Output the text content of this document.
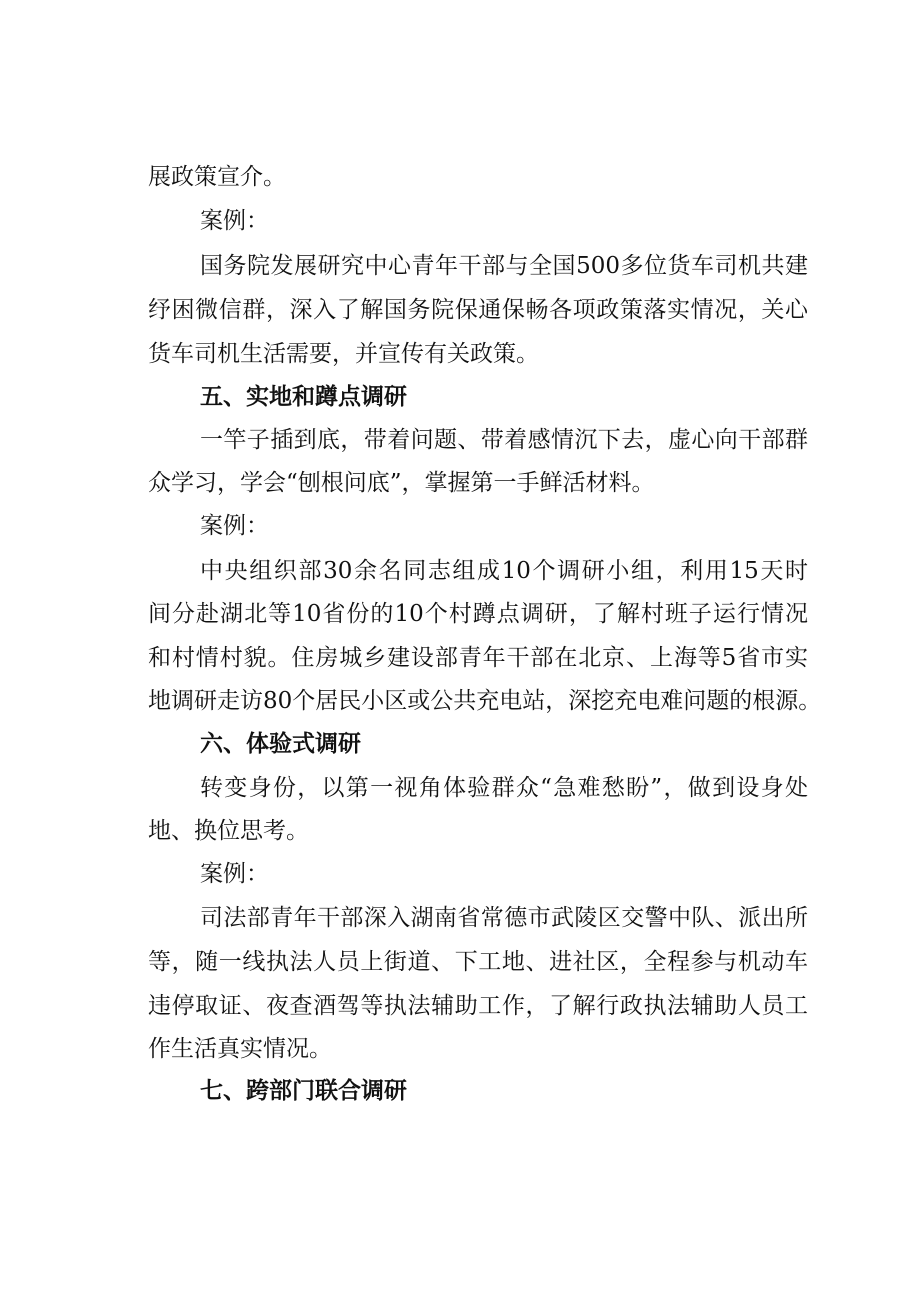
展政策宣介。

案例：

国务院发展研究中心青年干部与全国500多位货车司机共建

纾困微信群，深入了解国务院保通保畅各项政策落实情况，关心

货车司机生活需要，并宣传有关政策。

五、实地和蹲点调研

一竿子插到底，带着问题、带着感情沉下去，虚心向干部群

众学习，学会“刨根问底”，掌握第一手鲜活材料。

案例：

中央组织部30余名同志组成10个调研小组，利用15天时

间分赴湖北等10省份的10个村蹲点调研，了解村班子运行情况

和村情村貌。住房城乡建设部青年干部在北京、上海等5省市实

地调研走访80个居民小区或公共充电站，深挖充电难问题的根源。

六、体验式调研

转变身份，以第一视角体验群众“急难愁盼”，做到设身处

地、换位思考。

案例：

司法部青年干部深入湖南省常德市武陵区交警中队、派出所

等，随一线执法人员上街道、下工地、进社区，全程参与机动车

违停取证、夜查酒驾等执法辅助工作，了解行政执法辅助人员工

作生活真实情况。

七、跨部门联合调研
